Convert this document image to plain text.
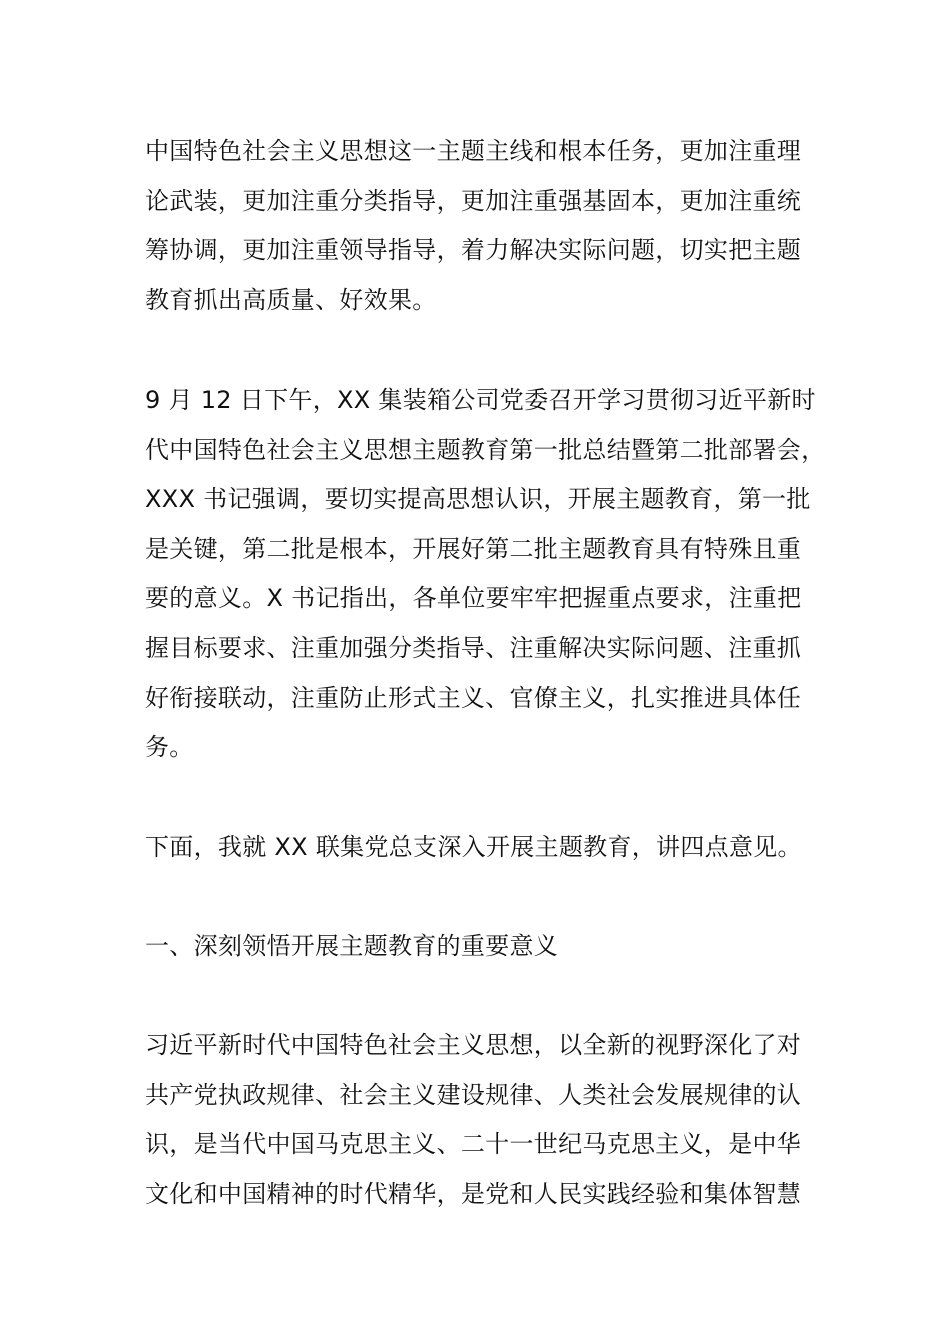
中国特色社会主义思想这一主题主线和根本任务，更加注重理
论武装，更加注重分类指导，更加注重强基固本，更加注重统
筹协调，更加注重领导指导，着力解决实际问题，切实把主题
教育抓出高质量、好效果。
9 月 12 日下午，XX 集装箱公司党委召开学习贯彻习近平新时
代中国特色社会主义思想主题教育第一批总结暨第二批部署会，
XXX 书记强调，要切实提高思想认识，开展主题教育，第一批
是关键，第二批是根本，开展好第二批主题教育具有特殊且重
要的意义。X 书记指出，各单位要牢牢把握重点要求，注重把
握目标要求、注重加强分类指导、注重解决实际问题、注重抓
好衔接联动，注重防止形式主义、官僚主义，扎实推进具体任
务。
下面，我就 XX 联集党总支深入开展主题教育，讲四点意见。
一、深刻领悟开展主题教育的重要意义
习近平新时代中国特色社会主义思想，以全新的视野深化了对
共产党执政规律、社会主义建设规律、人类社会发展规律的认
识，是当代中国马克思主义、二十一世纪马克思主义，是中华
文化和中国精神的时代精华，是党和人民实践经验和集体智慧
